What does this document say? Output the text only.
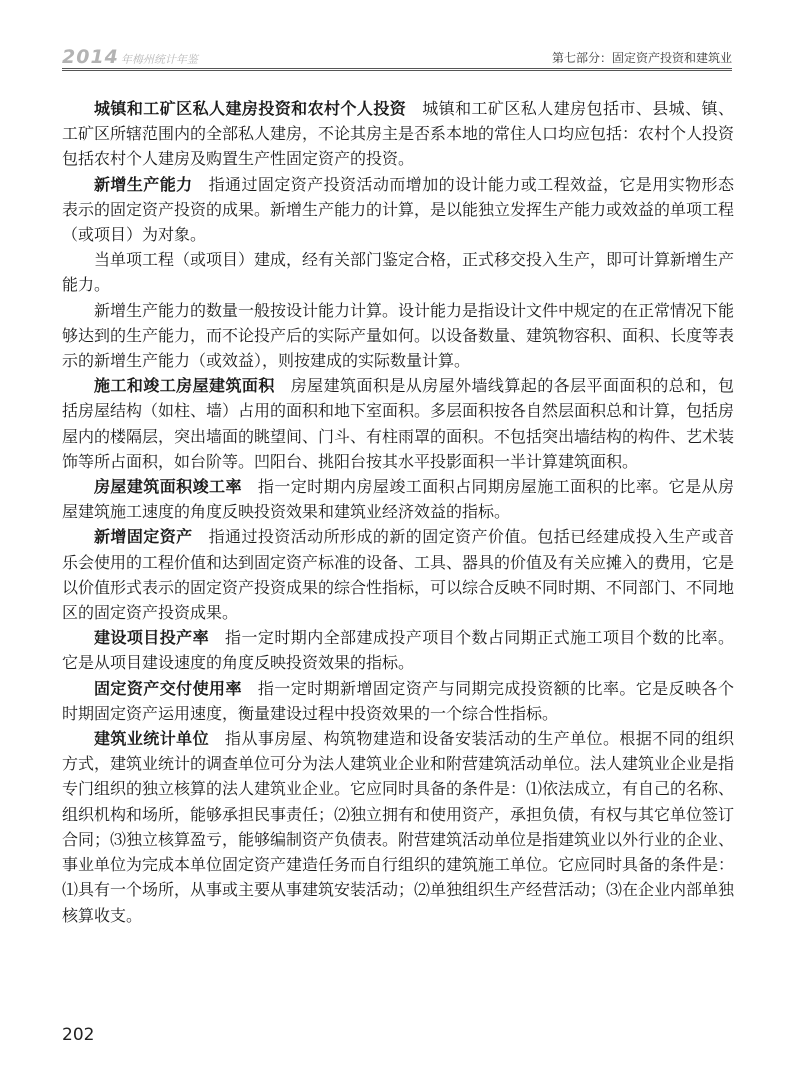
2014 年梅州统计年鉴	第七部分：固定资产投资和建筑业

城镇和工矿区私人建房投资和农村个人投资 城镇和工矿区私人建房包括市、县城、镇、工矿区所辖范围内的全部私人建房，不论其房主是否系本地的常住人口均应包括：农村个人投资包括农村个人建房及购置生产性固定资产的投资。

新增生产能力 指通过固定资产投资活动而增加的设计能力或工程效益，它是用实物形态表示的固定资产投资的成果。新增生产能力的计算，是以能独立发挥生产能力或效益的单项工程（或项目）为对象。

当单项工程（或项目）建成，经有关部门鉴定合格，正式移交投入生产，即可计算新增生产能力。

新增生产能力的数量一般按设计能力计算。设计能力是指设计文件中规定的在正常情况下能够达到的生产能力，而不论投产后的实际产量如何。以设备数量、建筑物容积、面积、长度等表示的新增生产能力（或效益），则按建成的实际数量计算。

施工和竣工房屋建筑面积 房屋建筑面积是从房屋外墙线算起的各层平面面积的总和，包括房屋结构（如柱、墙）占用的面积和地下室面积。多层面积按各自然层面积总和计算，包括房屋内的楼隔层，突出墙面的眺望间、门斗、有柱雨罩的面积。不包括突出墙结构的构件、艺术装饰等所占面积，如台阶等。凹阳台、挑阳台按其水平投影面积一半计算建筑面积。

房屋建筑面积竣工率 指一定时期内房屋竣工面积占同期房屋施工面积的比率。它是从房屋建筑施工速度的角度反映投资效果和建筑业经济效益的指标。

新增固定资产 指通过投资活动所形成的新的固定资产价值。包括已经建成投入生产或音乐会使用的工程价值和达到固定资产标准的设备、工具、器具的价值及有关应摊入的费用，它是以价值形式表示的固定资产投资成果的综合性指标，可以综合反映不同时期、不同部门、不同地区的固定资产投资成果。

建设项目投产率 指一定时期内全部建成投产项目个数占同期正式施工项目个数的比率。它是从项目建设速度的角度反映投资效果的指标。

固定资产交付使用率 指一定时期新增固定资产与同期完成投资额的比率。它是反映各个时期固定资产运用速度，衡量建设过程中投资效果的一个综合性指标。

建筑业统计单位 指从事房屋、构筑物建造和设备安装活动的生产单位。根据不同的组织方式，建筑业统计的调查单位可分为法人建筑业企业和附营建筑活动单位。法人建筑业企业是指专门组织的独立核算的法人建筑业企业。它应同时具备的条件是：⑴依法成立，有自己的名称、组织机构和场所，能够承担民事责任；⑵独立拥有和使用资产，承担负债，有权与其它单位签订合同；⑶独立核算盈亏，能够编制资产负债表。附营建筑活动单位是指建筑业以外行业的企业、事业单位为完成本单位固定资产建造任务而自行组织的建筑施工单位。它应同时具备的条件是：⑴具有一个场所，从事或主要从事建筑安装活动；⑵单独组织生产经营活动；⑶在企业内部单独核算收支。

202
